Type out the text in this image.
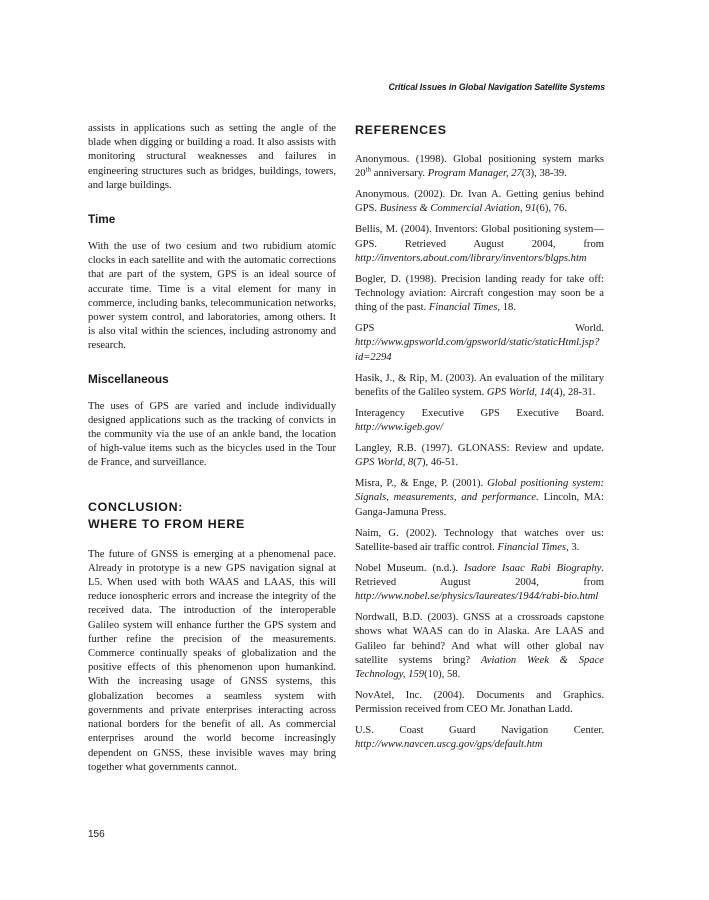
Critical Issues in Global Navigation Satellite Systems

assists in applications such as setting the angle of the blade when digging or building a road. It also assists with monitoring structural weaknesses and failures in engineering structures such as bridges, buildings, towers, and large buildings.

Time

With the use of two cesium and two rubidium atomic clocks in each satellite and with the automatic corrections that are part of the system, GPS is an ideal source of accurate time. Time is a vital element for many in commerce, including banks, telecommunication networks, power system control, and laboratories, among others. It is also vital within the sciences, including astronomy and research.

Miscellaneous

The uses of GPS are varied and include individually designed applications such as the tracking of convicts in the community via the use of an ankle band, the location of high-value items such as the bicycles used in the Tour de France, and surveillance.

CONCLUSION:
WHERE TO FROM HERE

The future of GNSS is emerging at a phenomenal pace. Already in prototype is a new GPS navigation signal at L5. When used with both WAAS and LAAS, this will reduce ionospheric errors and increase the integrity of the received data. The introduction of the interoperable Galileo system will enhance further the GPS system and further refine the precision of the measurements. Commerce continually speaks of globalization and the positive effects of this phenomenon upon humankind. With the increasing usage of GNSS systems, this globalization becomes a seamless system with governments and private enterprises interacting across national borders for the benefit of all. As commercial enterprises around the world become increasingly dependent on GNSS, these invisible waves may bring together what governments cannot.

REFERENCES

Anonymous. (1998). Global positioning system marks 20th anniversary. Program Manager, 27(3), 38-39.

Anonymous. (2002). Dr. Ivan A. Getting genius behind GPS. Business & Commercial Aviation, 91(6), 76.

Bellis, M. (2004). Inventors: Global positioning system—GPS. Retrieved August 2004, from http://inventors.about.com/library/inventors/blgps.htm

Bogler, D. (1998). Precision landing ready for take off: Technology aviation: Aircraft congestion may soon be a thing of the past. Financial Times, 18.

GPS World. http://www.gpsworld.com/gpsworld/static/staticHtml.jsp?id=2294

Hasik, J., & Rip, M. (2003). An evaluation of the military benefits of the Galileo system. GPS World, 14(4), 28-31.

Interagency Executive GPS Executive Board. http://www.igeb.gov/

Langley, R.B. (1997). GLONASS: Review and update. GPS World, 8(7), 46-51.

Misra, P., & Enge, P. (2001). Global positioning system: Signals, measurements, and performance. Lincoln, MA: Ganga-Jamuna Press.

Naim, G. (2002). Technology that watches over us: Satellite-based air traffic control. Financial Times, 3.

Nobel Museum. (n.d.). Isadore Isaac Rabi Biography. Retrieved August 2004, from http://www.nobel.se/physics/laureates/1944/rabi-bio.html

Nordwall, B.D. (2003). GNSS at a crossroads capstone shows what WAAS can do in Alaska. Are LAAS and Galileo far behind? And what will other global nav satellite systems bring? Aviation Week & Space Technology, 159(10), 58.

NovAtel, Inc. (2004). Documents and Graphics. Permission received from CEO Mr. Jonathan Ladd.

U.S. Coast Guard Navigation Center. http://www.navcen.uscg.gov/gps/default.htm

156
